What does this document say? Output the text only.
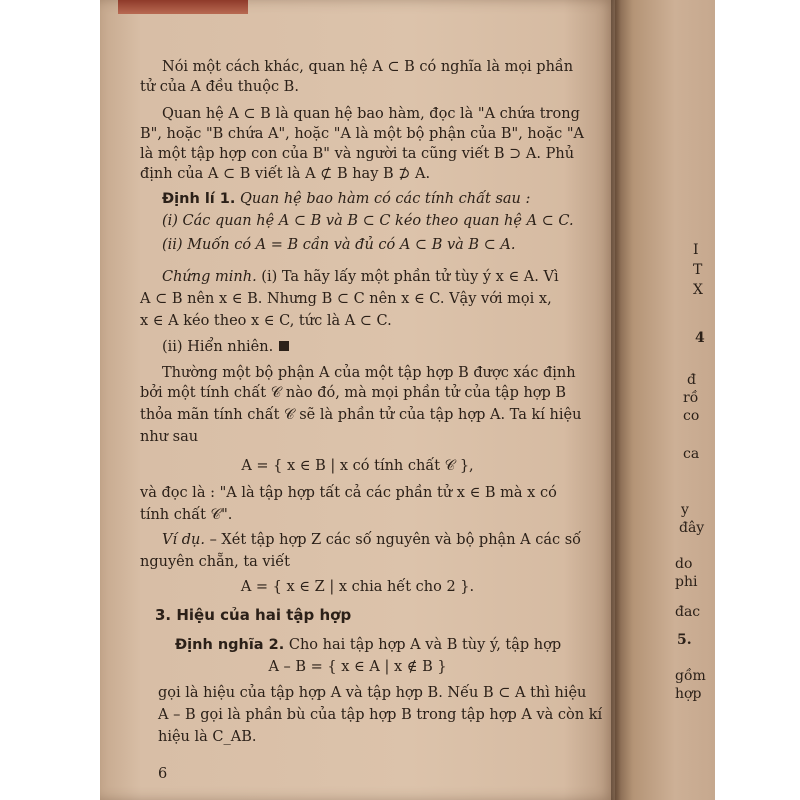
Nói một cách khác, quan hệ A ⊂ B có nghĩa là mọi phần
tử của A đều thuộc B.
Quan hệ A ⊂ B là quan hệ bao hàm, đọc là "A chứa trong
B", hoặc "B chứa A", hoặc "A là một bộ phận của B", hoặc "A
là một tập hợp con của B" và người ta cũng viết B ⊃ A. Phủ
định của A ⊂ B viết là A ⊄ B hay B ⊅ A.
Định lí 1. Quan hệ bao hàm có các tính chất sau :
(i) Các quan hệ A ⊂ B và B ⊂ C kéo theo quan hệ A ⊂ C.
(ii) Muốn có A = B cần và đủ có A ⊂ B và B ⊂ A.
Chứng minh. (i) Ta hãy lấy một phần tử tùy ý x ∈ A. Vì
A ⊂ B nên x ∈ B. Nhưng B ⊂ C nên x ∈ C. Vậy với mọi x,
x ∈ A kéo theo x ∈ C, tức là A ⊂ C.
(ii) Hiển nhiên.
Thường một bộ phận A của một tập hợp B được xác định
bởi một tính chất 𝒞 nào đó, mà mọi phần tử của tập hợp B
thỏa mãn tính chất 𝒞 sẽ là phần tử của tập hợp A. Ta kí hiệu
như sau
A = { x ∈ B | x có tính chất 𝒞 },
và đọc là : "A là tập hợp tất cả các phần tử x ∈ B mà x có
tính chất 𝒞".
Ví dụ. – Xét tập hợp Z các số nguyên và bộ phận A các số
nguyên chẵn, ta viết
A = { x ∈ Z | x chia hết cho 2 }.
3. Hiệu của hai tập hợp
Định nghĩa 2. Cho hai tập hợp A và B tùy ý, tập hợp
A – B = { x ∈ A | x ∉ B }
gọi là hiệu của tập hợp A và tập hợp B. Nếu B ⊂ A thì hiệu
A – B gọi là phần bù của tập hợp B trong tập hợp A và còn kí
hiệu là C_AB.
6
I
T
X
4
đ
rồ
co
ca
y
đây
do
phi
đac
5.
gồm
hợp
